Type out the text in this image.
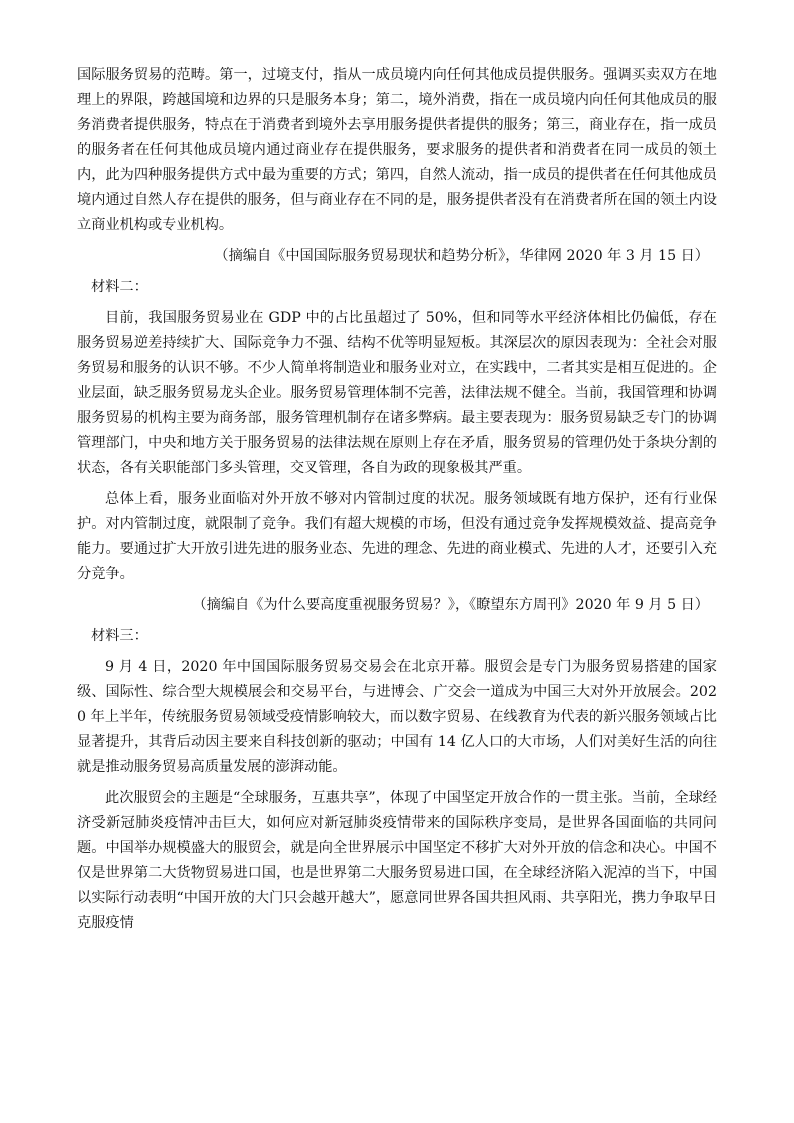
国际服务贸易的范畴。第一，过境支付，指从一成员境内向任何其他成员提供服务。强调买卖双方在地理上的界限，跨越国境和边界的只是服务本身；第二，境外消费，指在一成员境内向任何其他成员的服务消费者提供服务，特点在于消费者到境外去享用服务提供者提供的服务；第三，商业存在，指一成员的服务者在任何其他成员境内通过商业存在提供服务，要求服务的提供者和消费者在同一成员的领土内，此为四种服务提供方式中最为重要的方式；第四，自然人流动，指一成员的提供者在任何其他成员境内通过自然人存在提供的服务，但与商业存在不同的是，服务提供者没有在消费者所在国的领土内设立商业机构或专业机构。

（摘编自《中国国际服务贸易现状和趋势分析》，华律网 2020 年 3 月 15 日）

材料二：

目前，我国服务贸易业在 GDP 中的占比虽超过了 50%，但和同等水平经济体相比仍偏低，存在服务贸易逆差持续扩大、国际竞争力不强、结构不优等明显短板。其深层次的原因表现为：全社会对服务贸易和服务的认识不够。不少人简单将制造业和服务业对立，在实践中，二者其实是相互促进的。企业层面，缺乏服务贸易龙头企业。服务贸易管理体制不完善，法律法规不健全。当前，我国管理和协调服务贸易的机构主要为商务部，服务管理机制存在诸多弊病。最主要表现为：服务贸易缺乏专门的协调管理部门，中央和地方关于服务贸易的法律法规在原则上存在矛盾，服务贸易的管理仍处于条块分割的状态，各有关职能部门多头管理，交叉管理，各自为政的现象极其严重。

总体上看，服务业面临对外开放不够对内管制过度的状况。服务领域既有地方保护，还有行业保护。对内管制过度，就限制了竞争。我们有超大规模的市场，但没有通过竞争发挥规模效益、提高竞争能力。要通过扩大开放引进先进的服务业态、先进的理念、先进的商业模式、先进的人才，还要引入充分竞争。

（摘编自《为什么要高度重视服务贸易？》，《瞭望东方周刊》2020 年 9 月 5 日）

材料三：

9 月 4 日，2020 年中国国际服务贸易交易会在北京开幕。服贸会是专门为服务贸易搭建的国家级、国际性、综合型大规模展会和交易平台，与进博会、广交会一道成为中国三大对外开放展会。2020 年上半年，传统服务贸易领域受疫情影响较大，而以数字贸易、在线教育为代表的新兴服务领域占比显著提升，其背后动因主要来自科技创新的驱动；中国有 14 亿人口的大市场，人们对美好生活的向往就是推动服务贸易高质量发展的澎湃动能。

此次服贸会的主题是“全球服务，互惠共享”，体现了中国坚定开放合作的一贯主张。当前，全球经济受新冠肺炎疫情冲击巨大，如何应对新冠肺炎疫情带来的国际秩序变局，是世界各国面临的共同问题。中国举办规模盛大的服贸会，就是向全世界展示中国坚定不移扩大对外开放的信念和决心。中国不仅是世界第二大货物贸易进口国，也是世界第二大服务贸易进口国，在全球经济陷入泥淖的当下，中国以实际行动表明“中国开放的大门只会越开越大”，愿意同世界各国共担风雨、共享阳光，携力争取早日克服疫情
